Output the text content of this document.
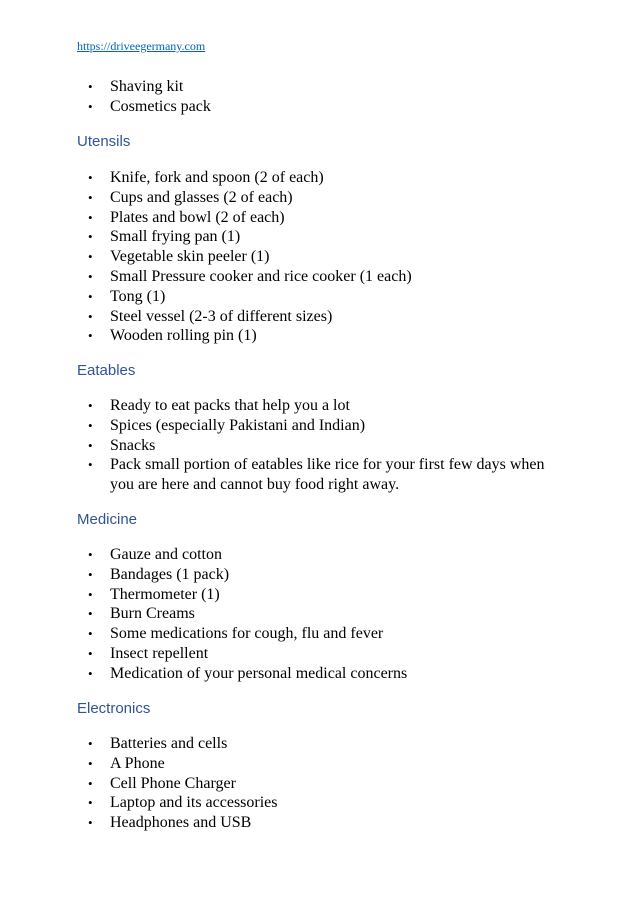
https://driveegermany.com
• Shaving kit
• Cosmetics pack
Utensils
• Knife, fork and spoon (2 of each)
• Cups and glasses (2 of each)
• Plates and bowl (2 of each)
• Small frying pan (1)
• Vegetable skin peeler (1)
• Small Pressure cooker and rice cooker (1 each)
• Tong (1)
• Steel vessel (2-3 of different sizes)
• Wooden rolling pin (1)
Eatables
• Ready to eat packs that help you a lot
• Spices (especially Pakistani and Indian)
• Snacks
• Pack small portion of eatables like rice for your first few days when you are here and cannot buy food right away.
Medicine
• Gauze and cotton
• Bandages (1 pack)
• Thermometer (1)
• Burn Creams
• Some medications for cough, flu and fever
• Insect repellent
• Medication of your personal medical concerns
Electronics
• Batteries and cells
• A Phone
• Cell Phone Charger
• Laptop and its accessories
• Headphones and USB
